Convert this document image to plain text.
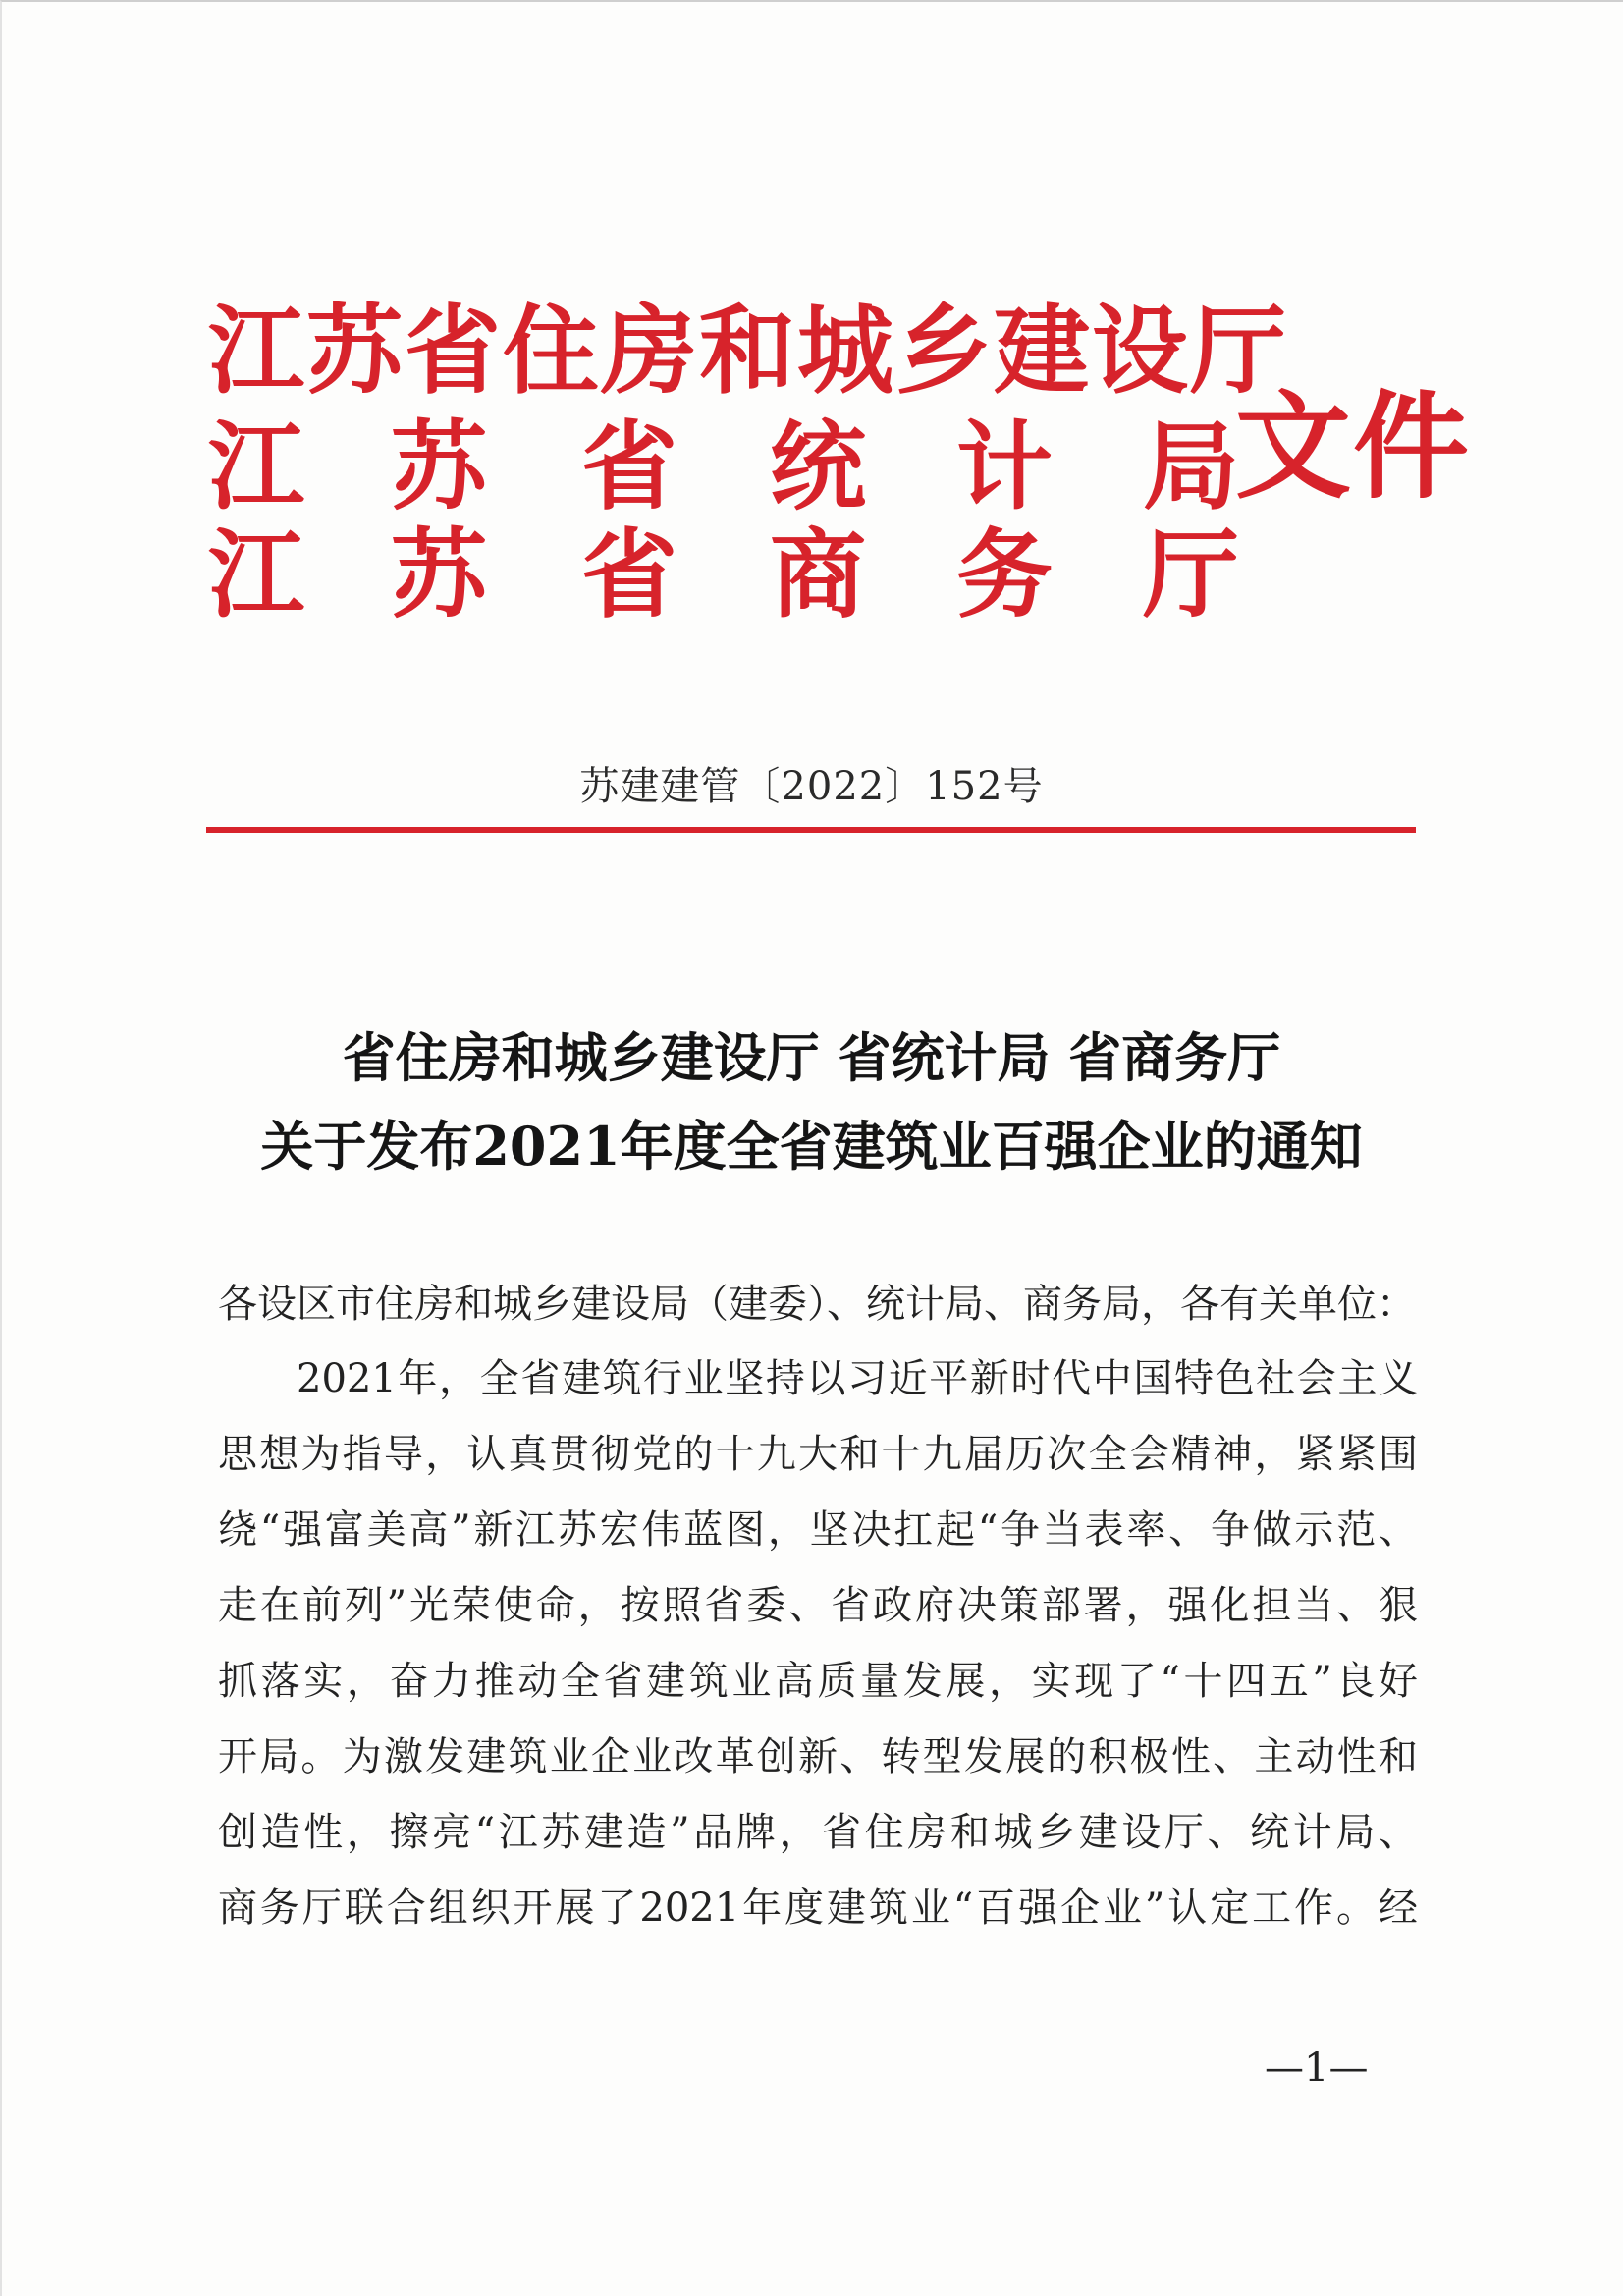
江苏省住房和城乡建设厅
江 苏 省 统 计 局
江 苏 省 商 务 厅
文件
苏建建管〔2022〕152号
省住房和城乡建设厅 省统计局 省商务厅
关于发布2021年度全省建筑业百强企业的通知
各设区市住房和城乡建设局（建委）、统计局、商务局，各有关单位：
2021年，全省建筑行业坚持以习近平新时代中国特色社会主义
思想为指导，认真贯彻党的十九大和十九届历次全会精神，紧紧围
绕“强富美高”新江苏宏伟蓝图，坚决扛起“争当表率、争做示范、
走在前列”光荣使命，按照省委、省政府决策部署，强化担当、狠
抓落实，奋力推动全省建筑业高质量发展，实现了“十四五”良好
开局。为激发建筑业企业改革创新、转型发展的积极性、主动性和
创造性，擦亮“江苏建造”品牌，省住房和城乡建设厅、统计局、
商务厅联合组织开展了2021年度建筑业“百强企业”认定工作。经
—1—
